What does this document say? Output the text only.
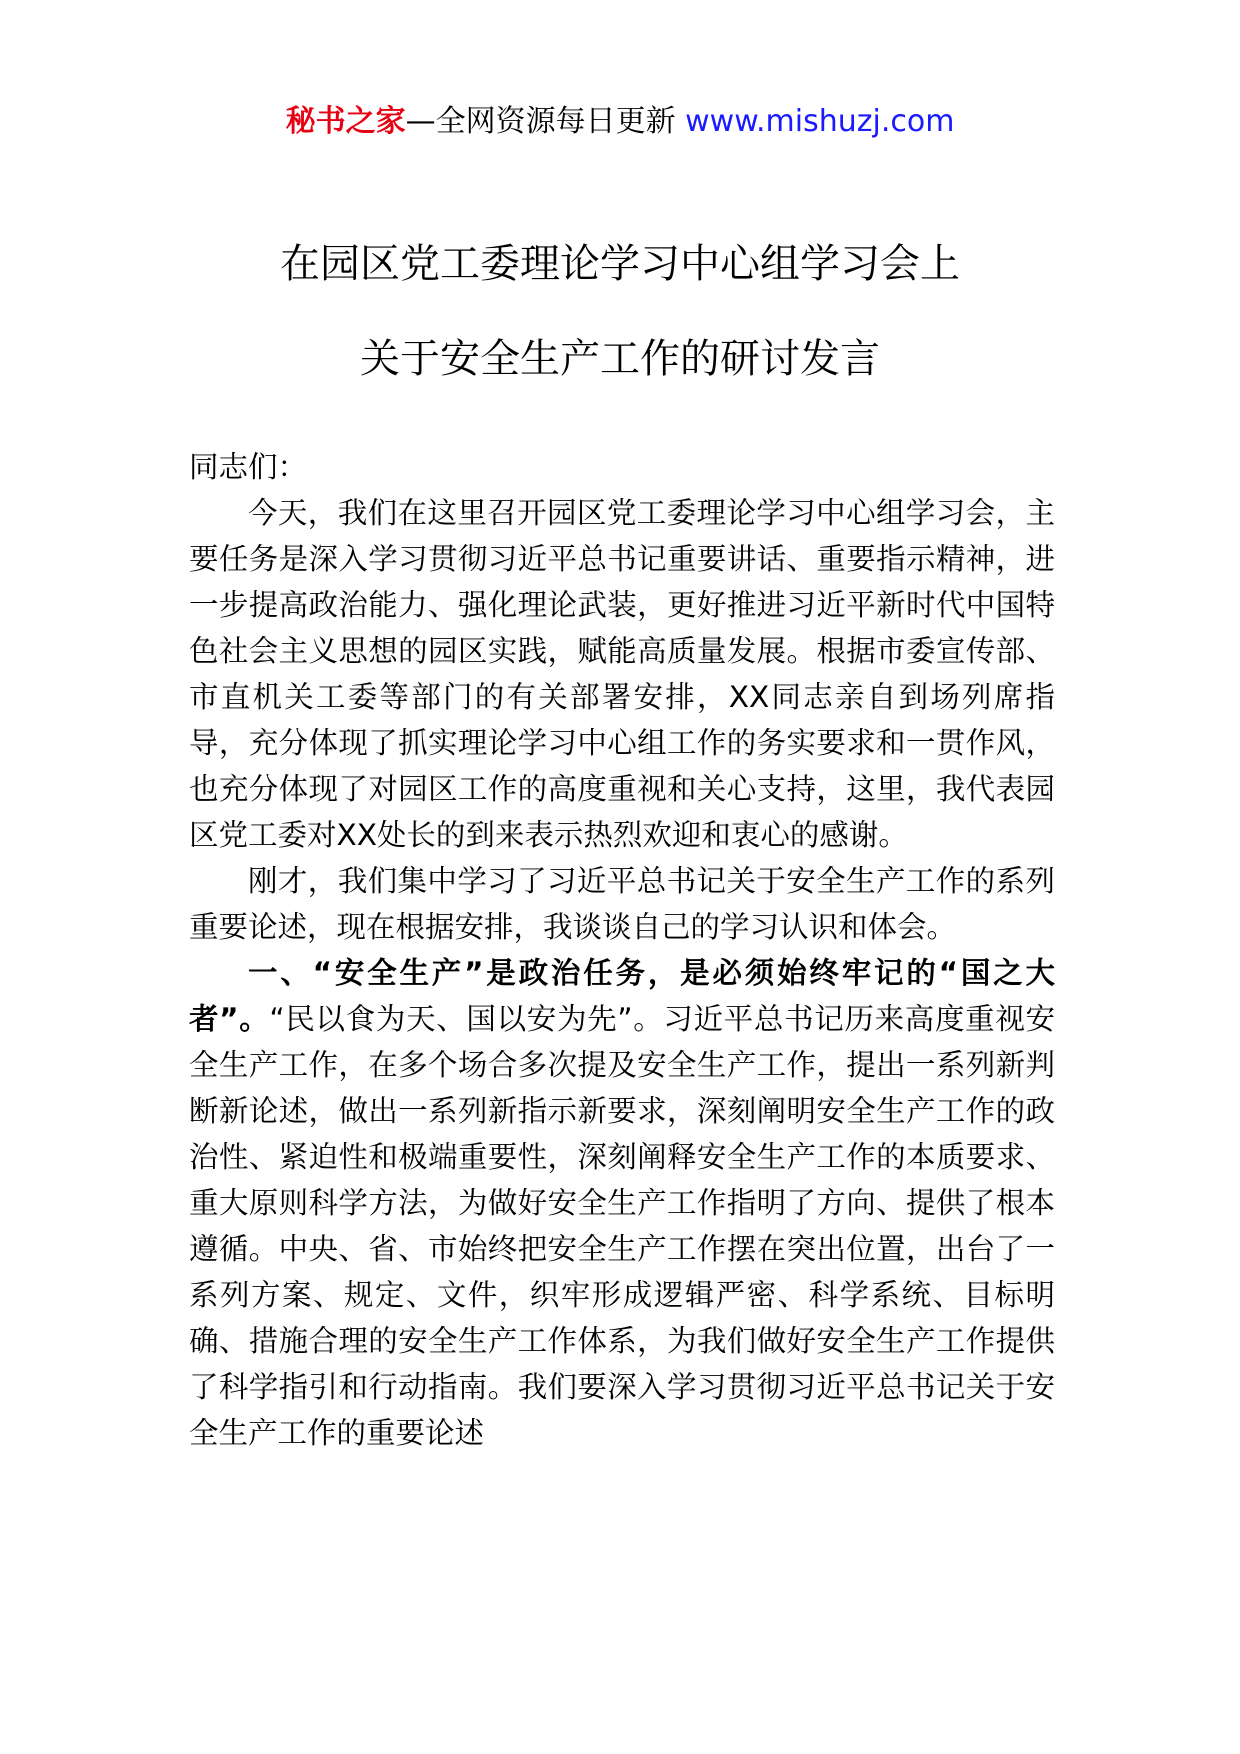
秘书之家—全网资源每日更新 www.mishuzj.com
在园区党工委理论学习中心组学习会上
关于安全生产工作的研讨发言

同志们：

今天，我们在这里召开园区党工委理论学习中心组学习会，主要任务是深入学习贯彻习近平总书记重要讲话、重要指示精神，进一步提高政治能力、强化理论武装，更好推进习近平新时代中国特色社会主义思想的园区实践，赋能高质量发展。根据市委宣传部、市直机关工委等部门的有关部署安排，XX同志亲自到场列席指导，充分体现了抓实理论学习中心组工作的务实要求和一贯作风，也充分体现了对园区工作的高度重视和关心支持，这里，我代表园区党工委对XX处长的到来表示热烈欢迎和衷心的感谢。

刚才，我们集中学习了习近平总书记关于安全生产工作的系列重要论述，现在根据安排，我谈谈自己的学习认识和体会。

一、“安全生产”是政治任务，是必须始终牢记的“国之大者”。“民以食为天、国以安为先”。习近平总书记历来高度重视安全生产工作，在多个场合多次提及安全生产工作，提出一系列新判断新论述，做出一系列新指示新要求，深刻阐明安全生产工作的政治性、紧迫性和极端重要性，深刻阐释安全生产工作的本质要求、重大原则科学方法，为做好安全生产工作指明了方向、提供了根本遵循。中央、省、市始终把安全生产工作摆在突出位置，出台了一系列方案、规定、文件，织牢形成逻辑严密、科学系统、目标明确、措施合理的安全生产工作体系，为我们做好安全生产工作提供了科学指引和行动指南。我们要深入学习贯彻习近平总书记关于安全生产工作的重要论述
